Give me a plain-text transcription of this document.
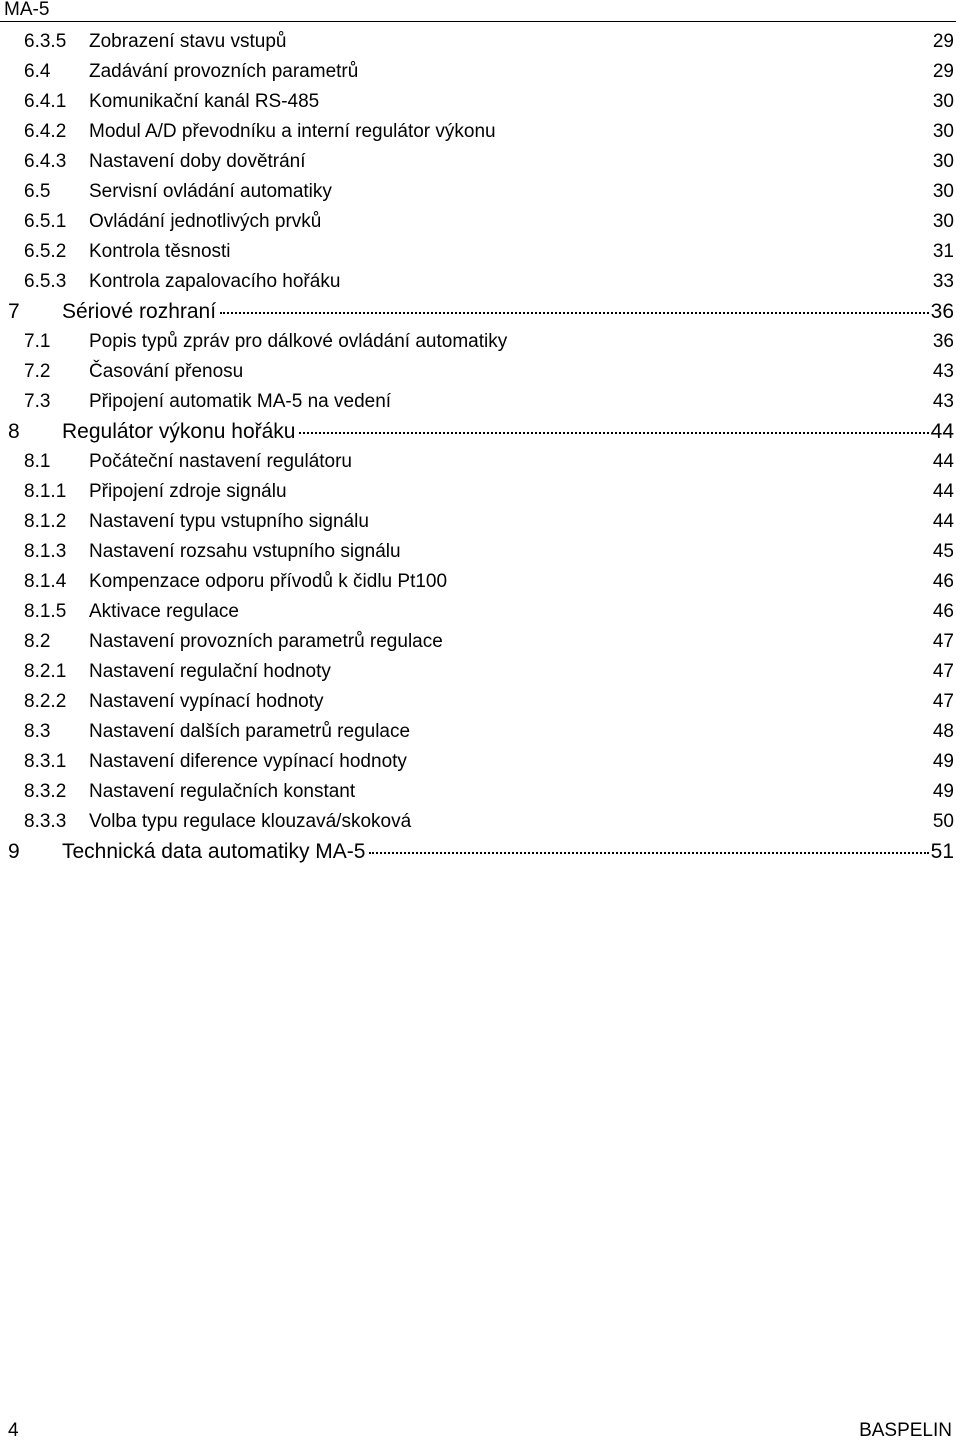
MA-5
6.3.5 Zobrazení stavu vstupů	29
6.4 Zadávání provozních parametrů	29
6.4.1 Komunikační kanál RS-485	30
6.4.2 Modul A/D převodníku a interní regulátor výkonu	30
6.4.3 Nastavení doby dovětrání	30
6.5 Servisní ovládání automatiky	30
6.5.1 Ovládání jednotlivých prvků	30
6.5.2 Kontrola těsnosti	31
6.5.3 Kontrola zapalovacího hořáku	33
7 Sériové rozhraní	36
7.1 Popis typů zpráv pro dálkové ovládání automatiky	36
7.2 Časování přenosu	43
7.3 Připojení automatik MA-5 na vedení	43
8 Regulátor výkonu hořáku	44
8.1 Počáteční nastavení regulátoru	44
8.1.1 Připojení zdroje signálu	44
8.1.2 Nastavení typu vstupního signálu	44
8.1.3 Nastavení rozsahu vstupního signálu	45
8.1.4 Kompenzace odporu přívodů k čidlu Pt100	46
8.1.5 Aktivace regulace	46
8.2 Nastavení provozních parametrů regulace	47
8.2.1 Nastavení regulační hodnoty	47
8.2.2 Nastavení vypínací hodnoty	47
8.3 Nastavení dalších parametrů regulace	48
8.3.1 Nastavení diference vypínací hodnoty	49
8.3.2 Nastavení regulačních konstant	49
8.3.3 Volba typu regulace klouzavá/skoková	50
9 Technická data automatiky MA-5	51
4	BASPELIN
